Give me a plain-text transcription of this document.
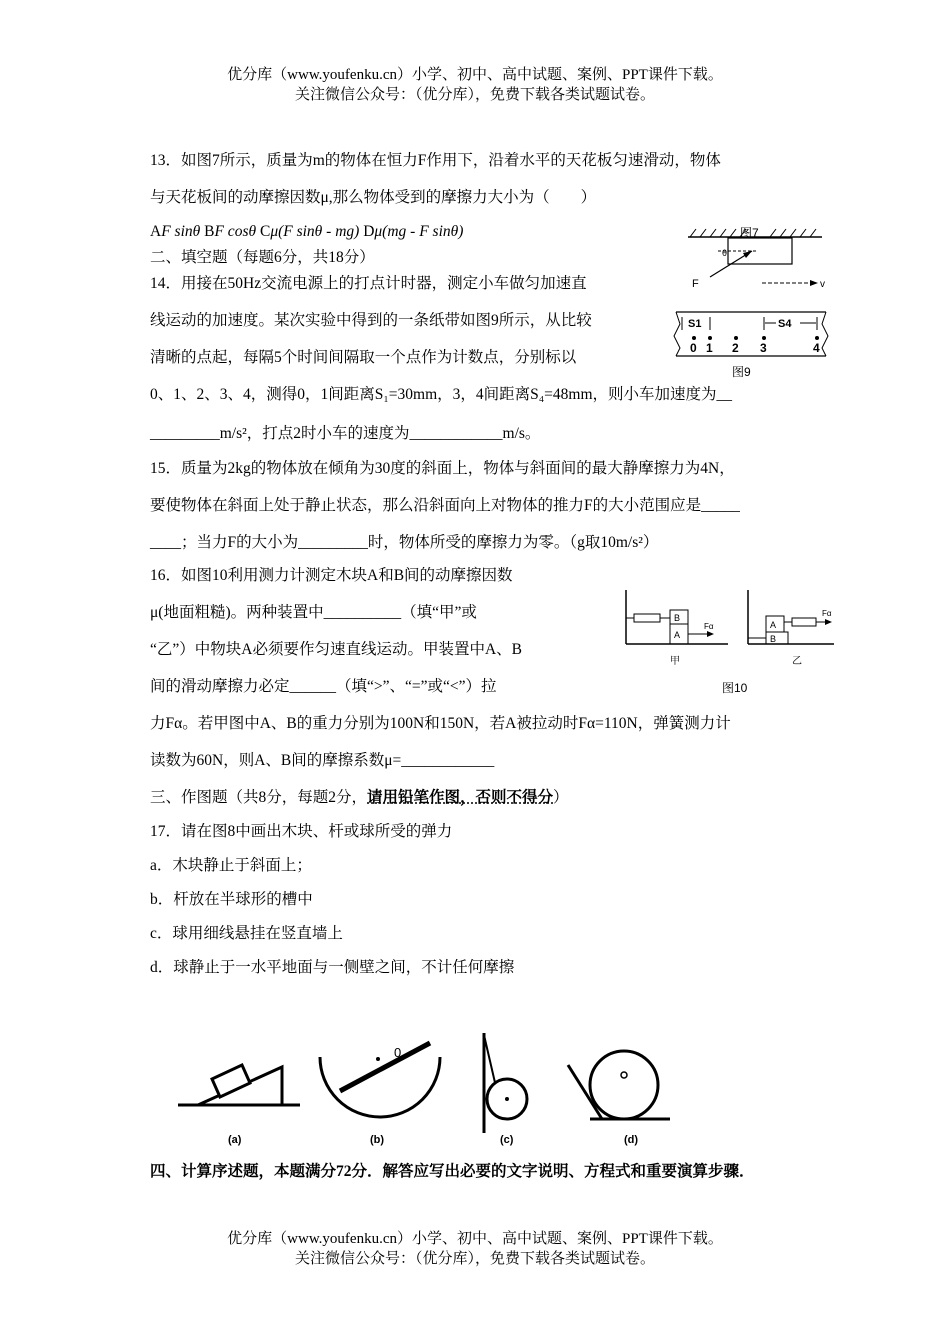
优分库（www.youfenku.cn）小学、初中、高中试题、案例、PPT课件下载。
关注微信公众号：（优分库），免费下载各类试题试卷。
13．如图7所示，质量为m的物体在恒力F作用下，沿着水平的天花板匀速滑动，物体
与天花板间的动摩擦因数μ,那么物体受到的摩擦力大小为（　　）
AF sinθ BF cosθ Cμ(F sinθ - mg) Dμ(mg - F sinθ)
二、填空题（每题6分，共18分）
14．用接在50Hz交流电源上的打点计时器，测定小车做匀加速直
线运动的加速度。某次实验中得到的一条纸带如图9所示，从比较
清晰的点起，每隔5个时间间隔取一个点作为计数点，分别标以
0、1、2、3、4，测得0，1间距离S₁=30mm，3，4间距离S₄=48mm，则小车加速度为__
_________m/s²，打点2时小车的速度为____________m/s。
图7
θ
F	v
S1	S4
0 1 2 3	4
图9
15．质量为2kg的物体放在倾角为30度的斜面上，物体与斜面间的最大静摩擦力为4N，
要使物体在斜面上处于静止状态，那么沿斜面向上对物体的推力F的大小范围应是_____
____；当力F的大小为_________时，物体所受的摩擦力为零。（g取10m/s²）
16．如图10利用测力计测定木块A和B间的动摩擦因数
μ(地面粗糙)。两种装置中__________（填“甲”或
“乙”）中物块A必须要作匀速直线运动。甲装置中A、B
间的滑动摩擦力必定______（填“>”、“=”或“<”）拉
力Fα。若甲图中A、B的重力分别为100N和150N，若A被拉动时Fα=110N，弹簧测力计
读数为60N，则A、B间的摩擦系数μ=____________
B
A
Fα
甲
B
A
Fα
乙
图10
三、作图题（共8分，每题2分，请用铅笔作图，否则不得分）
17．请在图8中画出木块、杆或球所受的弹力
a．木块静止于斜面上；
b．杆放在半球形的槽中
c．球用细线悬挂在竖直墙上
d．球静止于一水平地面与一侧壁之间，不计任何摩擦
(a)
0
(b)	(c)	(d)
四、计算序述题，本题满分72分．解答应写出必要的文字说明、方程式和重要演算步骤．
优分库（www.youfenku.cn）小学、初中、高中试题、案例、PPT课件下载。
关注微信公众号：（优分库），免费下载各类试题试卷。
